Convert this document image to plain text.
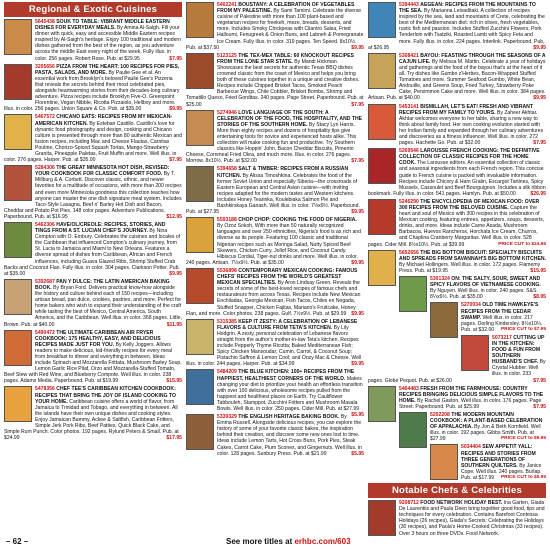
Regional & Exotic Cuisines
5645438 SOUK TO TABLE: VIBRANT MIDDLE EASTERN DISHES FOR EVERYDAY MEALS. By Amina Al-Saigh. Fill your dinner with quick, easy and accessible Middle Eastern recipes inspired by Al-Saigh's heritage. Enjoy 100 traditional and modern dishes gathered from the best of the region, as you adventure across the middle East every night of the week. Fully illus. in color. 256 pages. Robert Rose. Pub. at $29.95	$7.95
3205656 PIZZA FROM THE HEART: 100 RECIPES FOR PIES, PASTA, SALADS, AND MORE. By Paulie Gee et al. An essential work from Brooklyn's beloved Paulie Gee's Pizzeria that reveals the secrets behind their most celebrated pies, alongside heartwarming stories from their decades-long culinary adventure. Pizza recipes include Brooklyn Five-O, Greenpoint Florentine, Vegan Nibble, Ricotta Pizzaiolo, Hellboy and more. Illus. in color. 256 pages. Union Square & Co. Pub. at $35.00	$9.95
5467572 CHICANO EATS: RECIPES FROM MY MEXICAN-AMERICAN KITCHEN. By Esteban Castillo. Castillo's love for dynamic food photography and design, cooking and Chicano culture is presented through more than 80 authentic Mexican and fusion recipes, including Mac and Cheese Flautas, Carnitas Poutine, Chorizo-Spiced Squash Tortas, Mango-Strawberry Granita, Pineapple Paletas, Fruit Muffin and more. Well illus. in color. 276 pages. Harper. Pub. at $35.00	$7.95
5284306 THE GREAT MINNESOTA HOT DISH, REVISED: YOUR COOKBOOK FOR CLASSIC COMFORT FOOD. By T. Millburg & A. Corbett. Discover classic, ethnic, and newer favorites for a multitude of occasions, with more than 200 recipes and even more Minnesota goodness this collection teaches how anyone can master the one dish signature meal system. Includes Taco-Style Lasagna, Beef n' Barley Hot Dish and Bacon, Cheddar and Potato Pot Pies. 148 color pages. Adventure Publications. Paperbound. Pub. at $16.95	$12.95
5462306 HAVE/OL/CREOLE: RECIPES, STORIES, AND TINGS FROM A ST. LUCIAN CHEF'S JOURNEY. By Nina Compton with O. Embury. Celebrates the cuisines and locales of the Caribbean that influenced Compton's culinary journey, from St. Lucia to Jamaica and Miami to New Orleans. Features a diverse spread of dishes from Caribbean, African and French influences, including Guava Glazed Ribs, Shrimp Stuffed Crab Backs and Coconut Flan. Fully illus. in color. 304 pages. Clarkson Potter. Pub. at $35.00	$9.95
5392687 PAN Y DULCE: THE LATIN AMERICAN BAKING BOOK. By Bryan Ford. Delivers practical know-how alongside the history and culture behind each of 150 recipes—including artisan bread, pan dulce, cookies, pastries, and more. Perfect for home bakers who wish to expand their understanding of the craft while tasting the best of Mexico, Central America, South America, and the Caribbean. Well illus. in color. 368 pages. Little, Brown. Pub. at $40.00	$11.95
5490472 THE ULTIMATE CARIBBEAN AIR FRYER COOKBOOK: 175 HEALTHY, EASY, AND DELICIOUS RECIPES MADE JUST FOR YOU. By Kelly Joggers. Allows readers to make delicious, kid-friendly recipes for every meal from breakfast to dinner and everything in between. Ideas include Spinach and Mozzarella Frittata, Mushroom Barley Soup, Lemon Garlic Rice Pilaf, Orzo and Mozzarella-Stuffed Tomato, Beef Stew with Red Wine, and Blueberry Compote. Well illus. in color. 238 pages. Adams Media. Paperbound. Pub. at $19.99	$15.95
5478356 CHEF TEE'S CARIBBEAN KITCHEN COOKBOOK: RECIPES THAT BRING THE JOY OF ISLAND COOKING TO YOUR HOME. Caribbean cuisine offers a world of flavor, from Jamaica to Trinidad and Tobago, and everything in between. All the islands have their own unique dishes and cooking styles. Enjoy Jamaican Bammy, Ackee & Saltfish, Caribbean Fritters, Simple Jerk Pork Ribs, Beef Patties, Quick Black Cake, and Simple Rum Punch. Color photos. 192 pages. Rylund Peters & Small. Pub. at $24.99	$17.95
5402241 BOUSTANY: A CELEBRATION OF VEGETABLES FROM MY PALESTINE. By Sami Tamimi. Celebrate the diverse cuisine of Palestine with more than 100 plant-based and vegetarian recipes for freekeh, meze, breads, desserts, and more. Includes Smoky Chickpeas with Cilantro Salsa, Fried Halloumi, Fenugreek & Onion Buns, and Labneh & Pomegranate Ice Cream. Fully illus. in color. 319 pages. Ten Speed. 8x10½. Pub. at $37.50	$9.95
5123125 THE TEX-MEX TABLE: 60 KNOCKOUT RECIPES FROM THE LONE STAR STATE. By Mandi Hickman. Showcases the best secrets for authentic Texas BBQ dishes crowned classic from the coast of Mexico and helps you bring both of these cuisines together in a unique and creative dishes. Recipes include Chipped Brisket Tacos, Smoked Peach Barbecue Wings, Chile Cobbler, Brisket Bombs, Shrimp and Tomatillo Queso, Fried Gorditas. 240 pages. Page Street. Paperbound. Pub. at $25.00	$7.95
5274946 LOVE LANGUAGE OF THE SOUTH: A CELEBRATION OF THE FOOD, THE HOSPITALITY, AND THE STORIES OF THE SOUTHERN HOME. By Stacy Lyn Harris. More than eighty recipes and dozens of hospitality tips give entertaining tools for novice and experienced hosts alike. This collection will make cooking fun and productive. Try Southern classics like Hoppin' John, Bacon Cheddar Biscuits, Pimento Cheese, Cornmeal Fried Okra, and much more. Illus. in color. 276 pages. Morrow. 8x10½. Pub. at $32.00	$7.95
5394658 SALT & TIMBER: RECIPES FROM A RUSSIAN KITCHEN. By Alissa Timoshkina. Celebrates the food of the former Soviet Union and especially Siberia—the crossroads of Eastern European and Central Asian cuisine—with inviting recipes adapted for the modern tastes and Western kitchens. Includes Honey Tearinka, Koulebiaka Salmon Pie and Bashkirskaya Ganash. Well illus. in color. 7⅛x9½. Paperbound. Pub. at $27.95	$9.95
5593188 CHOP CHOP: COOKING THE FOOD OF NIGERIA. By Ozoz Sokoh. With more than 50 naturally recognized languages and over 250 ethnicities, Nigeria's food is as rich and diverse as its people. Featuring 100 classic and traditional Nigerian recipes such as Moringa Salad, Nutty Spiced Beef Skewers, Chicken Curry, Jollof Rice, and Coconut Candy. Hibiscus Cordial, Tiger-nut drinks and more. Well illus. in color. 240 pages. Artisan. 7½x9½. Pub. at $35.00	$9.95
5536898 CONTEMPORARY MEXICAN COOKING: FAMOUS CHEFS' RECIPES FROM THE WORLD'S GREATEST MEXICAN SPECIALTIES. By Aron Lindsay Green. Reveals the secrets of some of the best-loved recipes of famous chefs and restaurateurs from across Texas. Recipes include New Mexican Enchiladas, Georgia Mexican, Fish Tacos, Chiles en Nogada, Stuffed Snapper, Chicken Fajitas, Mariano's Fruitcake, Honey Flan, and more. Color photos. 238 pages. Gulf. 7½x9½. Pub. at $29.99 $9.95
5315385 KEEP IT ZESTY: A CELEBRATION OF LEBANESE FLAVORS & CULTURE FROM TETA'S KITCHEN. By Lily Hodgrin. A zesty, personal celebration of Lebanese flavors straight from the author's mother-in-law Teta's kitchen. Recipes include Pepperly Thyme Ricotta; Baked Mediterranean Fish; Spicy Chicken Mansoudar; Cumin, Carrot, & Coconut Soup; Pistachio Saffron & Lemon Cool; and Oozy Mac & Cheese. Well illus. in color. 244 pages. Harper. Pub. at $34.99	$9.95
5484209 THE BLUE KITCHEN: 100+ RECIPES FROM THE HAPPIEST, HEALTHIEST CORNERS OF THE WORLD. Makes changing your diet to prioritize your health an effortless transition with over 100 delicious, wholesome recipes pulled from the happiest and healthiest places on Earth. Try Cauliflower Tabbouleh, Stamppot, Zucchini Fritters and Mushroom Masala Bowls. Well illus. in color. 250 pages. Cider Mill. Pub. at $27.99
$5.95
5339329 THE ENGLISH HERITAGE BAKING BOOK. By Emma Russell. Alongside delicious recipes, you can explore the history of some of your favorite classic bakes, the inspiration behind their creation, and discover some new ones lost to time. Ideas include Lemon Tarts, Hot Cross Buns, Pork Pies, Steak Cakes, Carrot Cake, Plum Scones, and Gingernuts. Well illus. in color. 128 pages. Sunbury Press. Pub. at $21.99	$5.95
5394443 AEGEAN: RECIPES FROM THE MOUNTAINS TO THE SEA. By Marianna Leivaditaki. A collection of recipes inspired by the sea, land and mountains of Crete, celebrating the best of the Mediterranean diet: rich in olives, fresh vegetables, rustic fish and passion. Includes Stuffed Zucchini Flowers, Pork Tenderloin with Tsatziki, Roasted Lamb with Spicy Feta and more. Fully illus. in color. 224 pages. Interlink. Paperbound. Pub. at $26.95	$9.95
5308421 BAYOU: FEASTING THROUGH THE SEASONS OF A CAJUN LIFE. By Melissa M. Martin. Celebrate a year of holidays and gatherings and the food of the bayou that's at the heart of it all. Try dishes like Gumbo z'Herbes, Bacon-Wrapped Stuffed Tomatoes and more. Summer Seafood Gumbo, White Bean, Andouille, and Greens Soup, Fried Turkey, Strawberry Poke Cake, Persimmon Cake and more. Well illus. in color. 384 pages. Artisan. Pub. at $40.00	$9.95
5453141 BISMILLAH, LET'S EAT! FRESH AND VIBRANT RECIPES FROM MY FAMILY TO YOURS. By Zaheer Akhtar. Akhtar welcomes everyone to her table, sharing a new way to think about family food. Her own cooking evolution started with her Indian family and expanded through her culinary adventures and discoveries as a fitness influencer. Well illus. in color. 272 pages. Hachette Go. Pub. at $32.00	$7.95
5269546 LAROUSSE FRENCH COOKING: THE DEFINITIVE COLLECTION OF CLASSIC RECIPES FOR THE HOME COOK. The Larousse editors. An essential collection of classic and seasonal ingredients from each French region. This concise guide to French cuisine is packed with invaluable information. Recipes include Chicory & Ham Gratin, Escargot Tartines, Spicy Mussels, Cassoulet and Beef Bourguignon. Includes a silk ribbon bookmark. Fully illus. in color. 541 pages. Hamlyn. Pub. at $50.00	$26.95
5246290 THE ENCYCLOPEDIA OF MEXICAN FOOD: OVER 300 RECIPES FROM THE BELOVED CUISINE. Capture the heart and soul of Mexico with 300 recipes in this celebration of Mexican cooking, featuring entrees, appetizers, soups, desserts, drinks, and more. Ideas include Carne Asada, Mushroom Barbacoa, Huevos Rancheros, Horchata Ice Cream, Churros, and Chaplina Cranberry Margaritas. Well illus. in color. 528 pages. Cider Mill. 8½x10½. Pub. at $39.99	PRICE CUT to $24.95
5652656 THE BIG BOTTOM BISCUIT: SPECIALTY BISCUITS AND SPREADS FROM SAVANNAH'S BIG BOTTOM KITCHEN. By Michael Hollingers. Well illus. in color. 172 pages. Flamemy Press. Pub. at $19.95	$15.95
5301324 ON: THE SALTY, SOUR, SWEET AND SPICY FLAVORS OF VIETNAMESE COOKING. By Nguyen. Well illus. in color. 240 pages. S&S. 8¼x9½. Pub. at $35.00	$8.95
5270034 OLD TIME HAWKEYE'S RECIPES FROM THE CEDAR SWAMP. Well illus. in color. 217 pages. Dorling Kindersley. 8½x10¼. Pub. at $32.00 PRICE CUT to $7.95
5073217 CUTTING UP IN THE KITCHEN: FOOD & FUN FROM SOUTHERN HUSBAND'S CHEF. By Crystal Hubber. Well illus. in color. 233 pages. Globe Pequot. Pub. at $26.00	$7.95
5464483 FRESH FROM THE FARMHOUSE: COUNTRY RECIPES BRINGING DELICIOUS SIMPLE FLAVORS TO THE HOME. By Rachel Gaston. Well illus. in color. 176 pages. Page Street. Paperbound. Pub. at $25.99	$7.95
5202208 THE MODERN MOUNTAIN COOKBOOK: A PLANT-BASED CELEBRATION OF APPALACHIA. By Jon & Beth Kornfield. Well illus. in color. 192 pages. Gibbs Smith. Pub. at $27.99	PRICE CUT to $9.95
5034404 SEW APPETIT YALL: RECIPES AND STORIES FROM THREE GENERATIONS OF SOUTHERN QUILTERS. By Janice Cope. Well illus. 240 pages. Burlap. Pub. at $17.99 PRICE CUT to $5.95
Notable Chefs & Celebrities
9208712 FOOD NETWORK HOLIDAY BEST. Ina Garten, Giada De Laurentiis and Paula Deen bring together good food, tips and techniques for every celebration. Contains Barefoot Contessa Holidays (26 recipes), Giada's Secrets: Celebrating the Holidays (30 recipes), and Paula's Home-Cooked Christmas (33 recipes). Over 3 hours on three DVDs. Food Network.
– 62 –	See more titles at erhbc.com/603
